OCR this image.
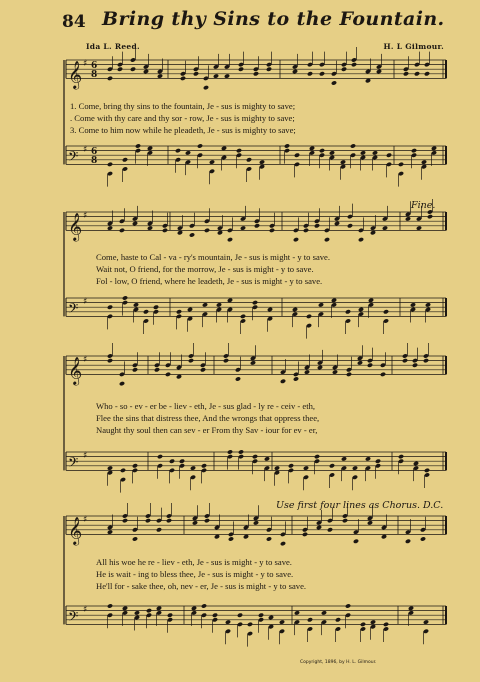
84 Bring thy Sins to the Fountain.
Ida L. Reed.	H. L Gilmour.
𝄞 ♯ 6
8
𝄢 ♯ 6
8
𝄞 ♯
𝄢 ♯
𝄞 ♯
𝄢 ♯
𝄞 ♯
𝄢 ♯
Fine.
Use first four lines as Chorus. D.C.
1. Come, bring thy sins to the fountain, Je - sus is mighty to save;
. Come with thy care and thy sor - row, Je - sus is mighty to save;
3. Come to him now while he pleadeth, Je - sus is mighty to save;
Come, haste to Cal - va - ry's mountain, Je - sus is might - y to save.
Wait not, O friend, for the morrow, Je - sus is might - y to save.
Fol - low, O friend, where he leadeth, Je - sus is might - y to save.
Who - so - ev - er be - liev - eth, Je - sus glad - ly re - ceiv - eth,
Flee the sins that distress thee, And the wrongs that oppress thee,
Naught thy soul then can sev - er From thy Sav - iour for ev - er,
All his woe he re - liev - eth, Je - sus is might - y to save.
He is wait - ing to bless thee, Je - sus is might - y to save.
He'll for - sake thee, oh, nev - er, Je - sus is might - y to save.
Copyright, 1896, by H. L. Gilmour.
